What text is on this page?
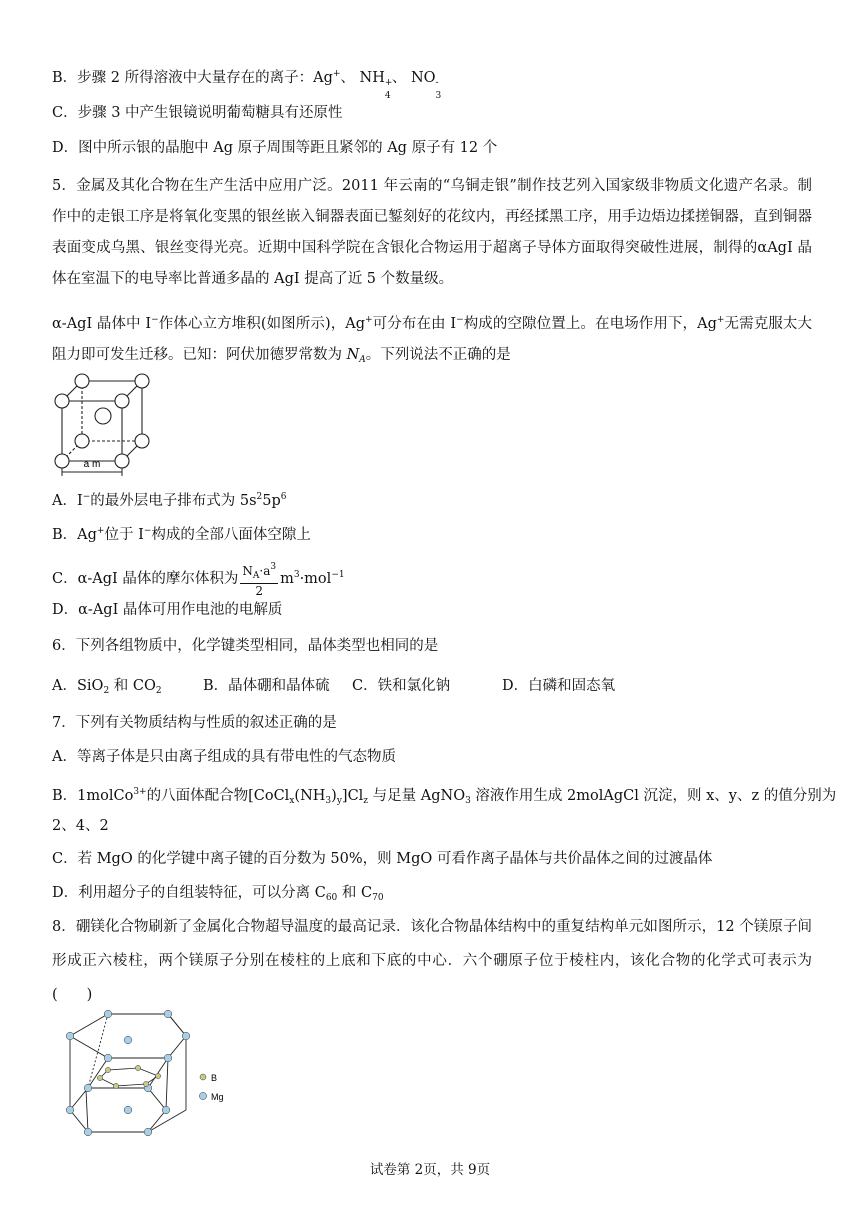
B．步骤 2 所得溶液中大量存在的离子：Ag+、 NH +
4
、 NO -
3
C．步骤 3 中产生银镜说明葡萄糖具有还原性
D．图中所示银的晶胞中 Ag 原子周围等距且紧邻的 Ag 原子有 12 个
5．金属及其化合物在生产生活中应用广泛。2011 年云南的“乌铜走银”制作技艺列入国家级非物质文化遗产名录。制作中的走银工序是将氧化变黑的银丝嵌入铜器表面已錾刻好的花纹内，再经揉黑工序，用手边焐边揉搓铜器，直到铜器表面变成乌黑、银丝变得光亮。近期中国科学院在含银化合物运用于超离子导体方面取得突破性进展，制得的αAgI 晶体在室温下的电导率比普通多晶的 AgI 提高了近 5 个数量级。
α-AgI 晶体中 I−作体心立方堆积(如图所示)，Ag+可分布在由 I−构成的空隙位置上。在电场作用下，Ag+无需克服太大阻力即可发生迁移。已知：阿伏加德罗常数为 $N_A$。下列说法不正确的是
a m
A．I−的最外层电子排布式为 $5s^25p^6$
B．Ag+位于 I−构成的全部八面体空隙上
C．α-AgI 晶体的摩尔体积为 $\frac{N_A\cdot a^3}{2} m^3\cdot mol^{-1}$
D．α-AgI 晶体可用作电池的电解质
6．下列各组物质中，化学键类型相同，晶体类型也相同的是
A．SiO$_2$ 和 $CO_2$	B．晶体硼和晶体硫 C．铁和氯化钠	D．白磷和固态氧
7．下列有关物质结构与性质的叙述正确的是
A．等离子体是只由离子组成的具有带电性的气态物质
B．1molCo$^{3+}$的八面体配合物$[CoCl_x(NH_3)_y]Cl_z$ 与足量 AgNO$_3$ 溶液作用生成 2molAgCl 沉淀，则 x、y、z 的值分别为
2、4、2
C．若 MgO 的化学键中离子键的百分数为 50%，则 MgO 可看作离子晶体与共价晶体之间的过渡晶体
D．利用超分子的自组装特征，可以分离 $C_{60}$ 和 $C_{70}$
8．硼镁化合物刷新了金属化合物超导温度的最高记录．该化合物晶体结构中的重复结构单元如图所示，12 个镁原子间形成正六棱柱，两个镁原子分别在棱柱的上底和下底的中心．六个硼原子位于棱柱内，该化合物的化学式可表示为(　　)
B
Mg
试卷第 2页，共 9页
